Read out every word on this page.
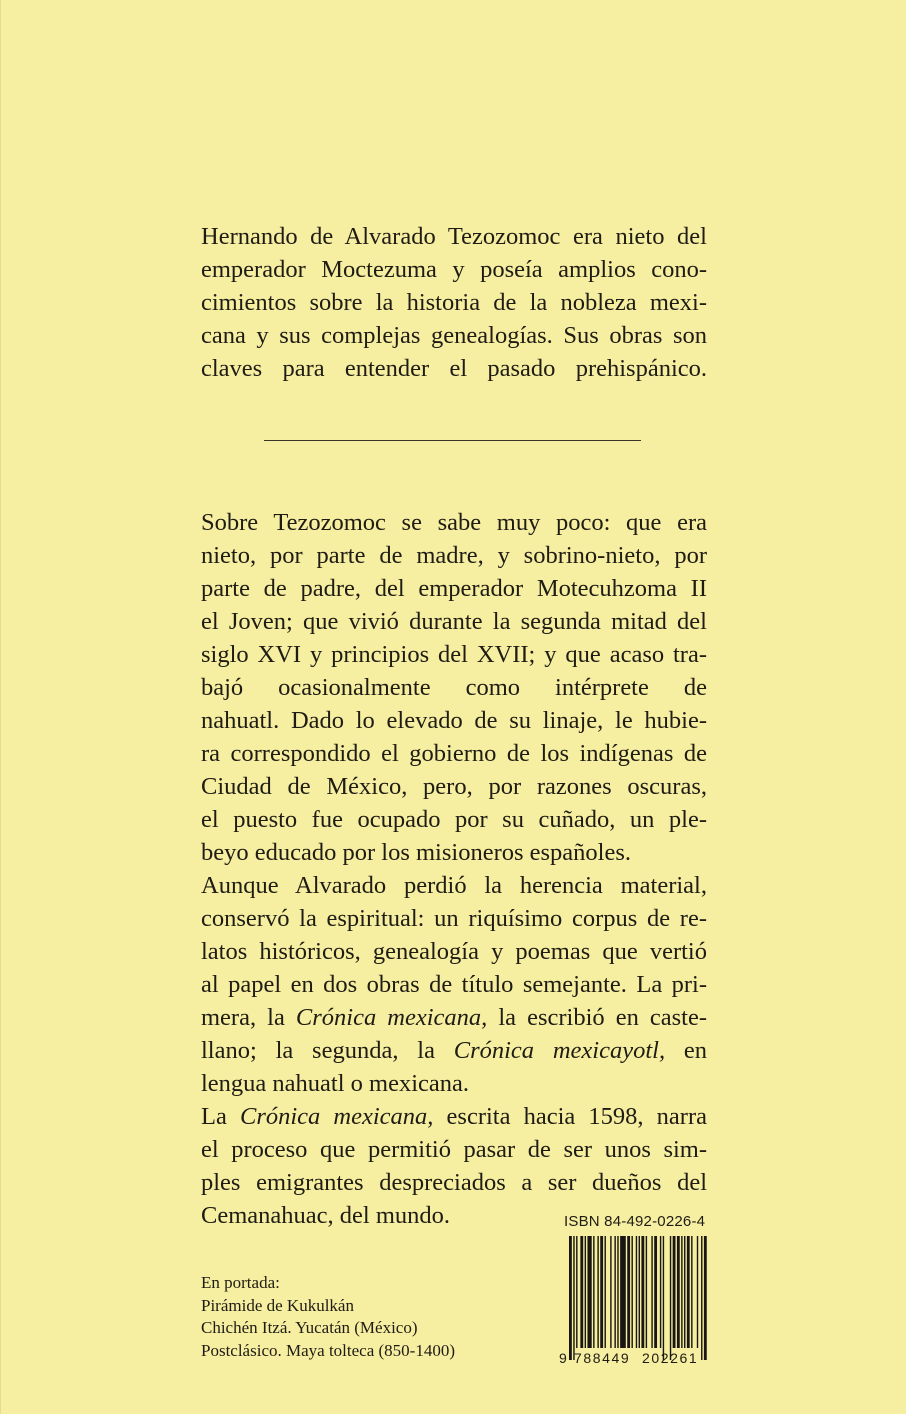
Hernando de Alvarado Tezozomoc era nieto del
emperador Moctezuma y poseía amplios cono-
cimientos sobre la historia de la nobleza mexi-
cana y sus complejas genealogías. Sus obras son
claves para entender el pasado prehispánico.
Sobre Tezozomoc se sabe muy poco: que era
nieto, por parte de madre, y sobrino-nieto, por
parte de padre, del emperador Motecuhzoma II
el Joven; que vivió durante la segunda mitad del
siglo XVI y principios del XVII; y que acaso tra-
bajó ocasionalmente como intérprete de
nahuatl. Dado lo elevado de su linaje, le hubie-
ra correspondido el gobierno de los indígenas de
Ciudad de México, pero, por razones oscuras,
el puesto fue ocupado por su cuñado, un ple-
beyo educado por los misioneros españoles.
Aunque Alvarado perdió la herencia material,
conservó la espiritual: un riquísimo corpus de re-
latos históricos, genealogía y poemas que vertió
al papel en dos obras de título semejante. La pri-
mera, la Crónica mexicana, la escribió en caste-
llano; la segunda, la Crónica mexicayotl, en
lengua nahuatl o mexicana.
La Crónica mexicana, escrita hacia 1598, narra
el proceso que permitió pasar de ser unos sim-
ples emigrantes despreciados a ser dueños del
Cemanahuac, del mundo.
En portada:
Pirámide de Kukulkán
Chichén Itzá. Yucatán (México)
Postclásico. Maya tolteca (850-1400)
ISBN 84-492-0226-4
9 788449 202261
